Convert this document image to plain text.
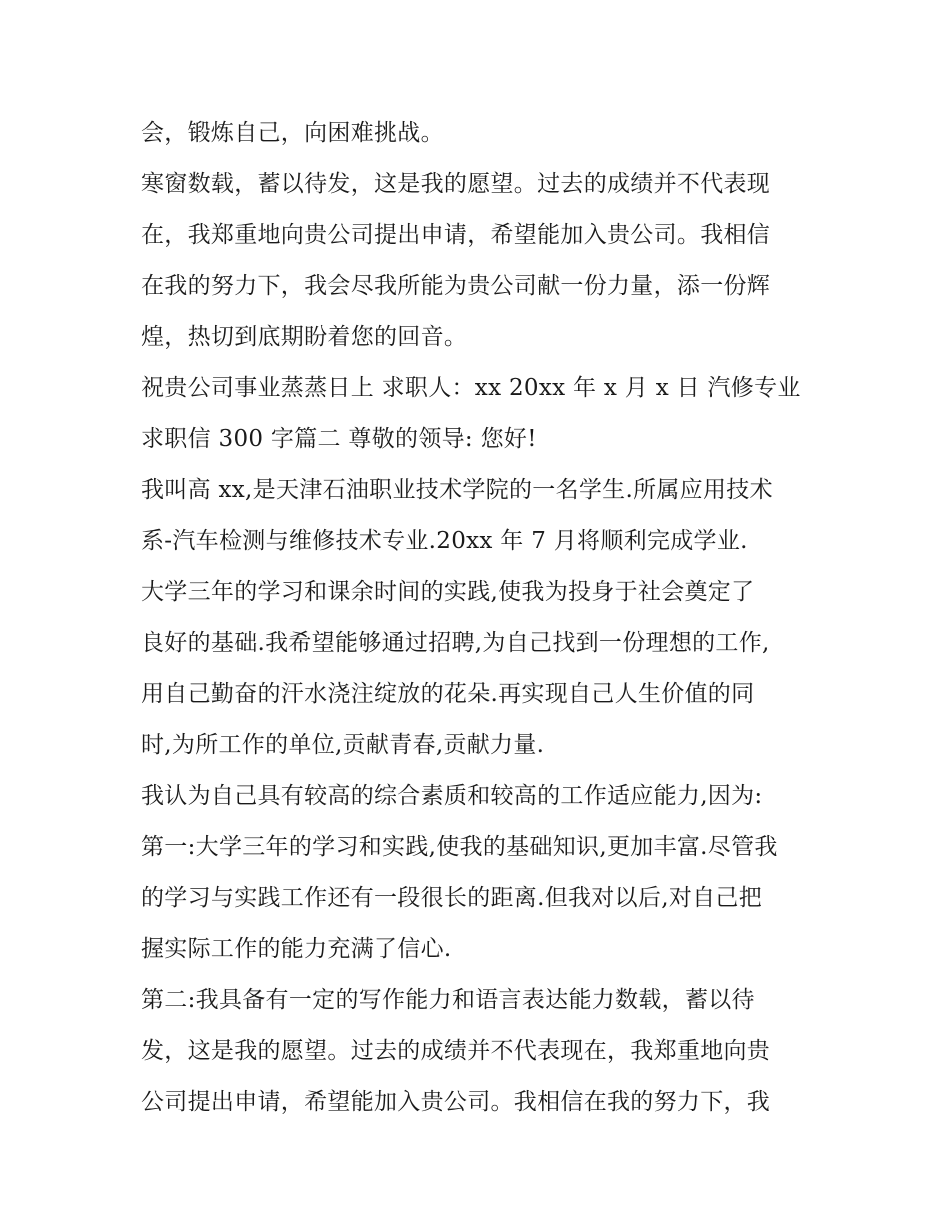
会，锻炼自己，向困难挑战。
寒窗数载，蓄以待发，这是我的愿望。过去的成绩并不代表现
在，我郑重地向贵公司提出申请，希望能加入贵公司。我相信
在我的努力下，我会尽我所能为贵公司献一份力量，添一份辉
煌，热切到底期盼着您的回音。
祝贵公司事业蒸蒸日上 求职人：xx 20xx 年 x 月 x 日 汽修专业
求职信 300 字篇二 尊敬的领导: 您好!
我叫高 xx,是天津石油职业技术学院的一名学生.所属应用技术
系-汽车检测与维修技术专业.20xx 年 7 月将顺利完成学业.
大学三年的学习和课余时间的实践,使我为投身于社会奠定了
良好的基础.我希望能够通过招聘,为自己找到一份理想的工作,
用自己勤奋的汗水浇注绽放的花朵.再实现自己人生价值的同
时,为所工作的单位,贡献青春,贡献力量.
我认为自己具有较高的综合素质和较高的工作适应能力,因为:
第一:大学三年的学习和实践,使我的基础知识,更加丰富.尽管我
的学习与实践工作还有一段很长的距离.但我对以后,对自己把
握实际工作的能力充满了信心.
第二:我具备有一定的写作能力和语言表达能力数载，蓄以待
发，这是我的愿望。过去的成绩并不代表现在，我郑重地向贵
公司提出申请，希望能加入贵公司。我相信在我的努力下，我
